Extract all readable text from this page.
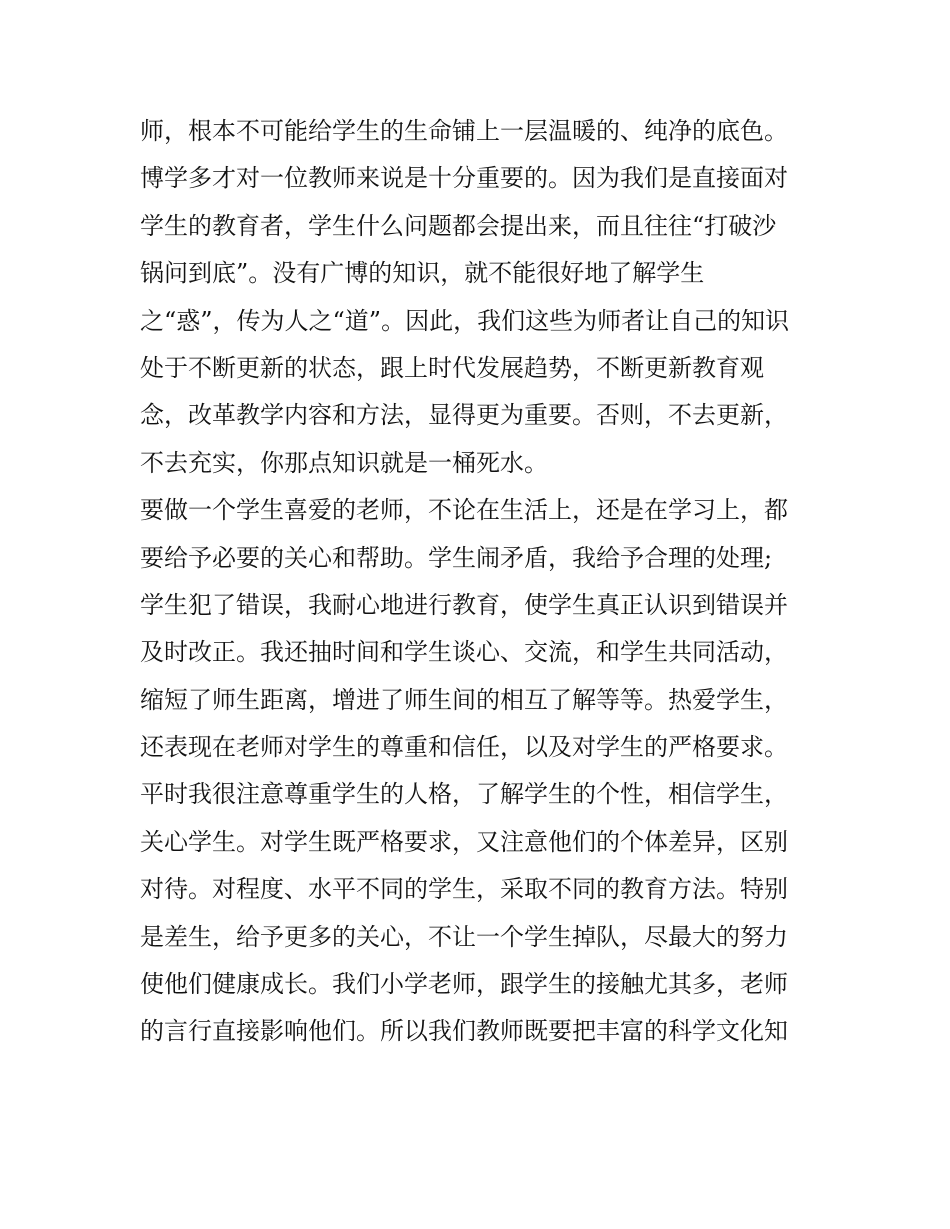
师，根本不可能给学生的生命铺上一层温暖的、纯净的底色。
博学多才对一位教师来说是十分重要的。因为我们是直接面对
学生的教育者，学生什么问题都会提出来，而且往往“打破沙
锅问到底”。没有广博的知识，就不能很好地了解学生
之“惑”，传为人之“道”。因此，我们这些为师者让自己的知识
处于不断更新的状态，跟上时代发展趋势，不断更新教育观
念，改革教学内容和方法，显得更为重要。否则，不去更新，
不去充实，你那点知识就是一桶死水。
要做一个学生喜爱的老师，不论在生活上，还是在学习上，都
要给予必要的关心和帮助。学生闹矛盾，我给予合理的处理;
学生犯了错误，我耐心地进行教育，使学生真正认识到错误并
及时改正。我还抽时间和学生谈心、交流，和学生共同活动，
缩短了师生距离，增进了师生间的相互了解等等。热爱学生，
还表现在老师对学生的尊重和信任，以及对学生的严格要求。
平时我很注意尊重学生的人格，了解学生的个性，相信学生，
关心学生。对学生既严格要求，又注意他们的个体差异，区别
对待。对程度、水平不同的学生，采取不同的教育方法。特别
是差生，给予更多的关心，不让一个学生掉队，尽最大的努力
使他们健康成长。我们小学老师，跟学生的接触尤其多，老师
的言行直接影响他们。所以我们教师既要把丰富的科学文化知
